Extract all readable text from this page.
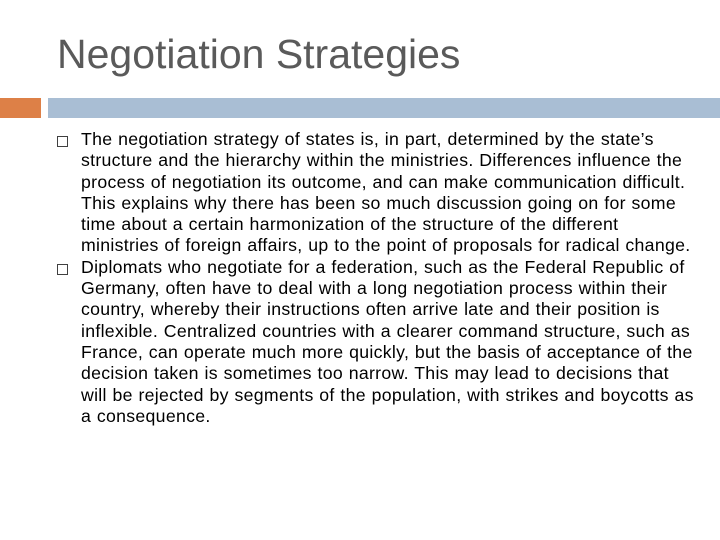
Negotiation Strategies
The negotiation strategy of states is, in part, determined by the state’s structure and the hierarchy within the ministries. Differences influence the process of negotiation its outcome, and can make communication difficult. This explains why there has been so much discussion going on for some time about a certain harmonization of the structure of the different ministries of foreign affairs, up to the point of proposals for radical change.
Diplomats who negotiate for a federation, such as the Federal Republic of Germany, often have to deal with a long negotiation process within their country, whereby their instructions often arrive late and their position is inflexible. Centralized countries with a clearer command structure, such as France, can operate much more quickly, but the basis of acceptance of the decision taken is sometimes too narrow. This may lead to decisions that will be rejected by segments of the population, with strikes and boycotts as a consequence.
